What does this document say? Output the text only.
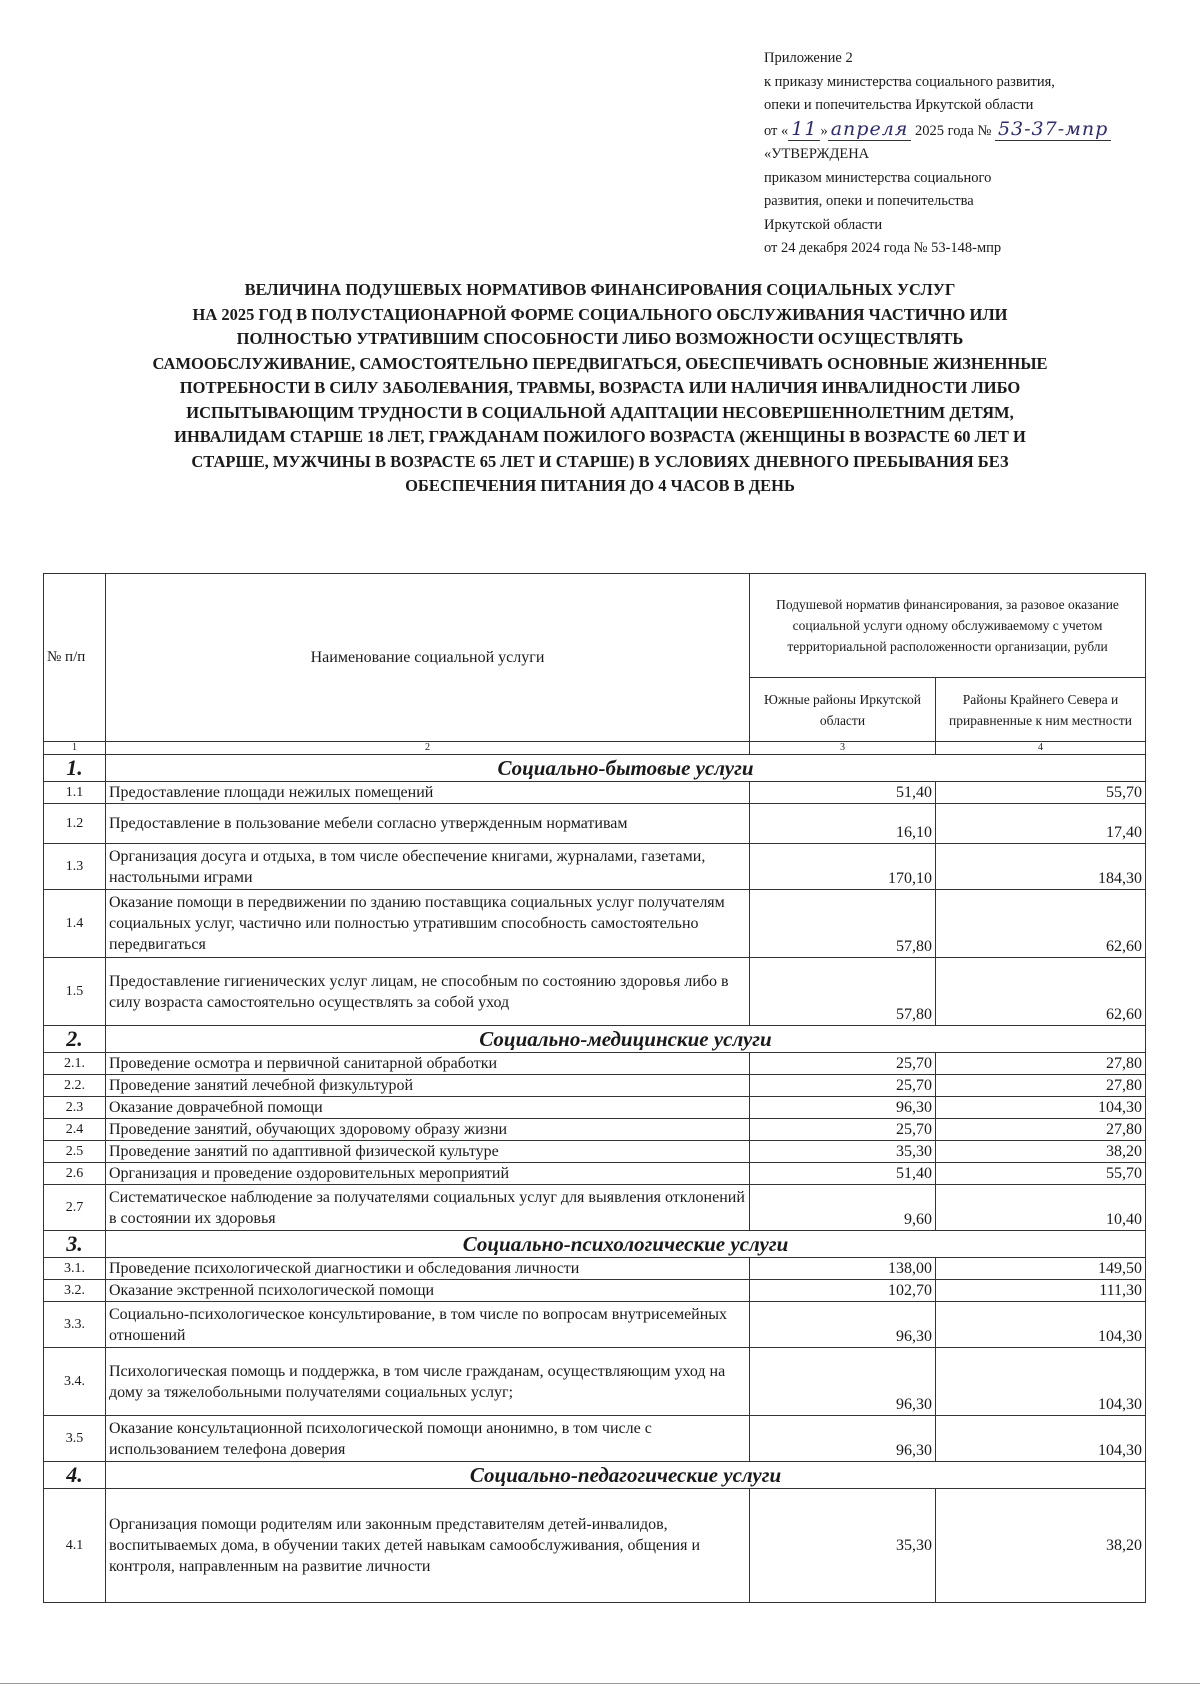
Приложение 2
к приказу министерства социального развития,
опеки и попечительства Иркутской области
от « 11 » апреля 2025 года № 53-37-мпр
«УТВЕРЖДЕНА
приказом министерства социального
развития, опеки и попечительства
Иркутской области
от 24 декабря 2024 года № 53-148-мпр
ВЕЛИЧИНА ПОДУШЕВЫХ НОРМАТИВОВ ФИНАНСИРОВАНИЯ СОЦИАЛЬНЫХ УСЛУГ
НА 2025 ГОД В ПОЛУСТАЦИОНАРНОЙ ФОРМЕ СОЦИАЛЬНОГО ОБСЛУЖИВАНИЯ ЧАСТИЧНО ИЛИ
ПОЛНОСТЬЮ УТРАТИВШИМ СПОСОБНОСТИ ЛИБО ВОЗМОЖНОСТИ ОСУЩЕСТВЛЯТЬ
САМООБСЛУЖИВАНИЕ, САМОСТОЯТЕЛЬНО ПЕРЕДВИГАТЬСЯ, ОБЕСПЕЧИВАТЬ ОСНОВНЫЕ ЖИЗНЕННЫЕ
ПОТРЕБНОСТИ В СИЛУ ЗАБОЛЕВАНИЯ, ТРАВМЫ, ВОЗРАСТА ИЛИ НАЛИЧИЯ ИНВАЛИДНОСТИ ЛИБО
ИСПЫТЫВАЮЩИМ ТРУДНОСТИ В СОЦИАЛЬНОЙ АДАПТАЦИИ НЕСОВЕРШЕННОЛЕТНИМ ДЕТЯМ,
ИНВАЛИДАМ СТАРШЕ 18 ЛЕТ, ГРАЖДАНАМ ПОЖИЛОГО ВОЗРАСТА (ЖЕНЩИНЫ В ВОЗРАСТЕ 60 ЛЕТ И
СТАРШЕ, МУЖЧИНЫ В ВОЗРАСТЕ 65 ЛЕТ И СТАРШЕ) В УСЛОВИЯХ ДНЕВНОГО ПРЕБЫВАНИЯ БЕЗ
ОБЕСПЕЧЕНИЯ ПИТАНИЯ ДО 4 ЧАСОВ В ДЕНЬ
№ п/п	Наименование социальной услуги	Подушевой норматив финансирования, за разовое оказание социальной услуги одному обслуживаемому с учетом территориальной расположенности организации, рубли	
		Южные районы Иркутской области	Районы Крайнего Севера и приравненные к ним местности
1	2	3	4
1.	Социально-бытовые услуги		
1.1	Предоставление площади нежилых помещений	51,40	55,70
1.2	Предоставление в пользование мебели согласно утвержденным нормативам	16,10	17,40
1.3	Организация досуга и отдыха, в том числе обеспечение книгами, журналами, газетами, настольными играми	170,10	184,30
1.4	Оказание помощи в передвижении по зданию поставщика социальных услуг получателям социальных услуг, частично или полностью утратившим способность самостоятельно передвигаться	57,80	62,60
1.5	Предоставление гигиенических услуг лицам, не способным по состоянию здоровья либо в силу возраста самостоятельно осуществлять за собой уход	57,80	62,60
2.	Социально-медицинские услуги		
2.1.	Проведение осмотра и первичной санитарной обработки	25,70	27,80
2.2.	Проведение занятий лечебной физкультурой	25,70	27,80
2.3	Оказание доврачебной помощи	96,30	104,30
2.4	Проведение занятий, обучающих здоровому образу жизни	25,70	27,80
2.5	Проведение занятий по адаптивной физической культуре	35,30	38,20
2.6	Организация и проведение оздоровительных мероприятий	51,40	55,70
2.7	Систематическое наблюдение за получателями социальных услуг для выявления отклонений в состоянии их здоровья	9,60	10,40
3.	Социально-психологические услуги		
3.1.	Проведение психологической диагностики и обследования личности	138,00	149,50
3.2.	Оказание экстренной психологической помощи	102,70	111,30
3.3.	Социально-психологическое консультирование, в том числе по вопросам внутрисемейных отношений	96,30	104,30
3.4.	Психологическая помощь и поддержка, в том числе гражданам, осуществляющим уход на дому за тяжелобольными получателями социальных услуг;	96,30	104,30
3.5	Оказание консультационной психологической помощи анонимно, в том числе с использованием телефона доверия	96,30	104,30
4.	Социально-педагогические услуги		
4.1	Организация помощи родителям или законным представителям детей-инвалидов, воспитываемых дома, в обучении таких детей навыкам самообслуживания, общения и контроля, направленным на развитие личности	35,30	38,20
